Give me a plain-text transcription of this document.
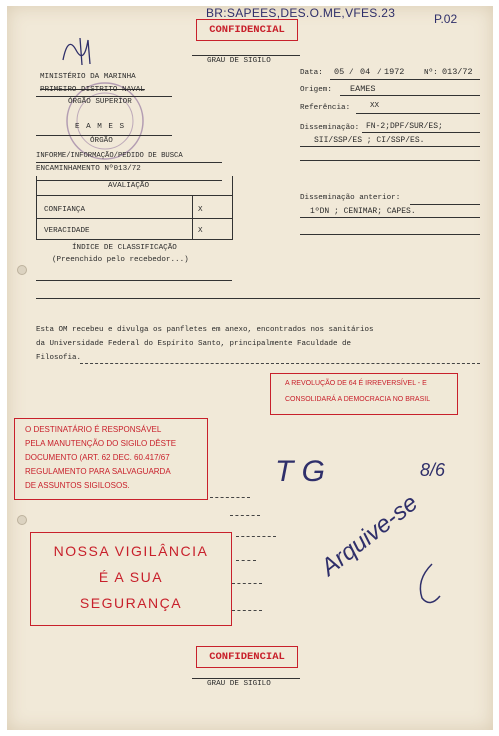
BR:SAPEES,DES.O.ME,VFES.23	P.02
CONFIDENCIAL
GRAU DE SIGILO
MINISTÉRIO DA MARINHA
PRIMEIRO DISTRITO NAVAL
ÓRGÃO SUPERIOR
E A M E S
ÓRGÃO
INFORME/INFORMAÇÃO/PEDIDO DE BUSCA
ENCAMINHAMENTO Nº013/72
Data: 05 / 04 / 1972	Nº: 013/72
Origem: EAMES
Referência:	XX
Disseminação: FN-2;DPF/SUR/ES;
SII/SSP/ES ; CI/SSP/ES.
Disseminação anterior:
1ºDN ; CENIMAR; CAPES.
AVALIAÇÃO
CONFIANÇA	X
VERACIDADE	X
ÍNDICE DE CLASSIFICAÇÃO
(Preenchido pelo recebedor...)
Esta OM recebeu e divulga os panfletes em anexo, encontrados nos sanitários
da Universidade Federal do Espírito Santo, principalmente Faculdade de
Filosofia.
A REVOLUÇÃO DE 64 É IRREVERSÍVEL - E
CONSOLIDARÁ A DEMOCRACIA NO BRASIL
O DESTINATÁRIO É RESPONSÁVEL
PELA MANUTENÇÃO DO SIGILO DÊSTE
DOCUMENTO (ART. 62 DEC. 60.417/67
REGULAMENTO PARA SALVAGUARDA
DE ASSUNTOS SIGILOSOS.
NOSSA VIGILÂNCIA
É A SUA
SEGURANÇA
T G	8/6
Arquive-se
CONFIDENCIAL
GRAU DE SIGILO
